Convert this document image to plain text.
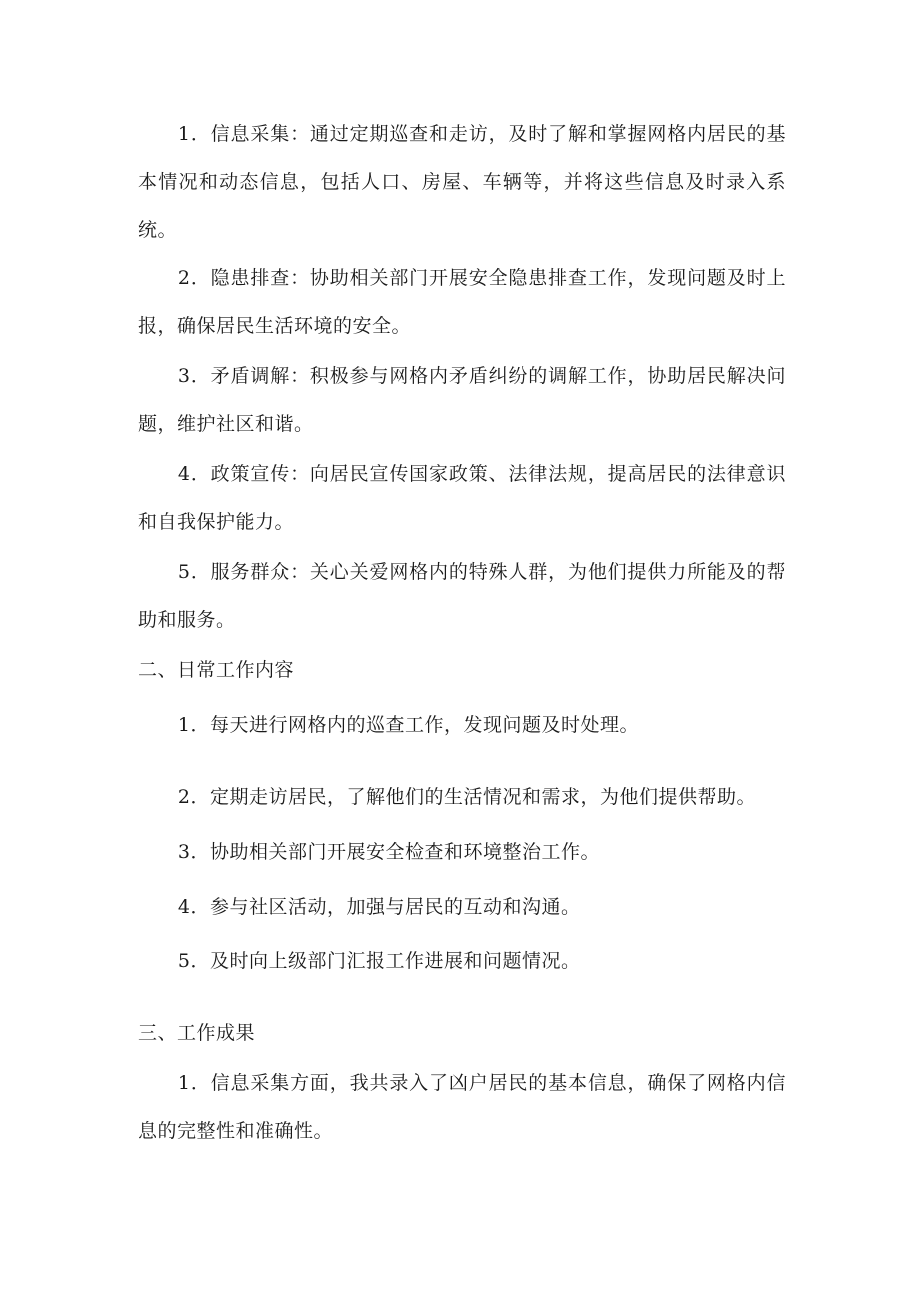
1．信息采集：通过定期巡查和走访，及时了解和掌握网格内居民的基本情况和动态信息，包括人口、房屋、车辆等，并将这些信息及时录入系统。

2．隐患排查：协助相关部门开展安全隐患排查工作，发现问题及时上报，确保居民生活环境的安全。

3．矛盾调解：积极参与网格内矛盾纠纷的调解工作，协助居民解决问题，维护社区和谐。

4．政策宣传：向居民宣传国家政策、法律法规，提高居民的法律意识和自我保护能力。

5．服务群众：关心关爱网格内的特殊人群，为他们提供力所能及的帮助和服务。

二、日常工作内容

1．每天进行网格内的巡查工作，发现问题及时处理。

2．定期走访居民，了解他们的生活情况和需求，为他们提供帮助。

3．协助相关部门开展安全检查和环境整治工作。

4．参与社区活动，加强与居民的互动和沟通。

5．及时向上级部门汇报工作进展和问题情况。

三、工作成果

1．信息采集方面，我共录入了凶户居民的基本信息，确保了网格内信息的完整性和准确性。
